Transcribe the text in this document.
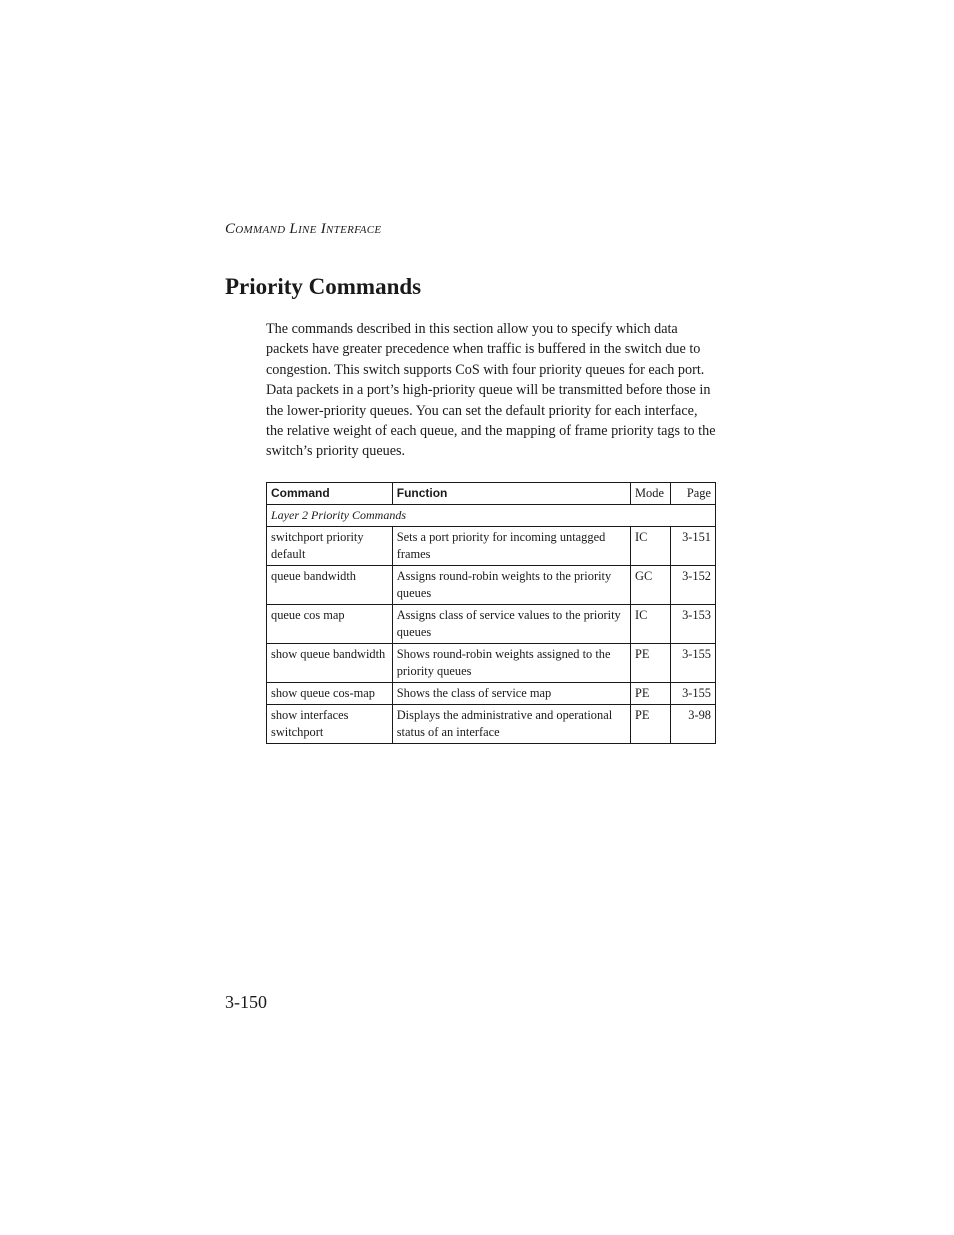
Command Line Interface
Priority Commands

The commands described in this section allow you to specify which data packets have greater precedence when traffic is buffered in the switch due to congestion. This switch supports CoS with four priority queues for each port. Data packets in a port’s high-priority queue will be transmitted before those in the lower-priority queues. You can set the default priority for each interface, the relative weight of each queue, and the mapping of frame priority tags to the switch’s priority queues.

Command	Function	Mode	Page
Layer 2 Priority Commands			
switchport priority default	Sets a port priority for incoming untagged frames	IC	3-151
queue bandwidth	Assigns round-robin weights to the priority queues	GC	3-152
queue cos map	Assigns class of service values to the priority queues	IC	3-153
show queue bandwidth	Shows round-robin weights assigned to the priority queues	PE	3-155
show queue cos-map	Shows the class of service map	PE	3-155
show interfaces switchport	Displays the administrative and operational status of an interface	PE	3-98
3-150
